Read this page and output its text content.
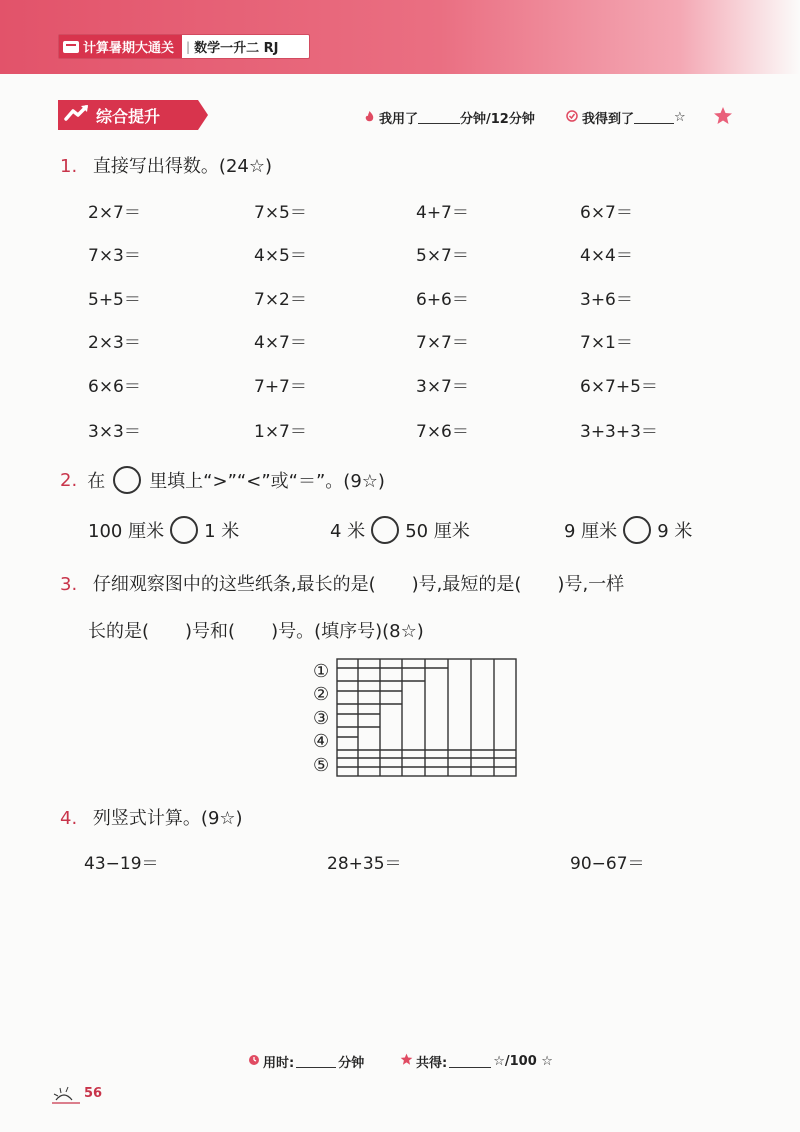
计算暑期大通关	| 数学一升二 RJ
综合提升	我用了	分钟/12分钟	我得到了	☆
1. 直接写出得数。(24☆)
2×7＝	7×5＝	4+7＝	6×7＝
7×3＝	4×5＝	5×7＝	4×4＝
5+5＝	7×2＝	6+6＝	3+6＝
2×3＝	4×7＝	7×7＝	7×1＝
6×6＝	7+7＝	3×7＝	6×7+5＝
3×3＝	1×7＝	7×6＝	3+3+3＝
2. 在 里填上“>”“<”或“＝”。(9☆)
100 厘米 1 米	4 米 50 厘米	9 厘米 9 米
3. 仔细观察图中的这些纸条,最长的是(　　)号,最短的是(　　)号,一样
长的是(　　)号和(　　)号。(填序号)(8☆)
①
②
③
④
⑤
4. 列竖式计算。(9☆)
43−19＝	28+35＝	90−67＝
用时:	分钟	共得:	☆/100 ☆
56
